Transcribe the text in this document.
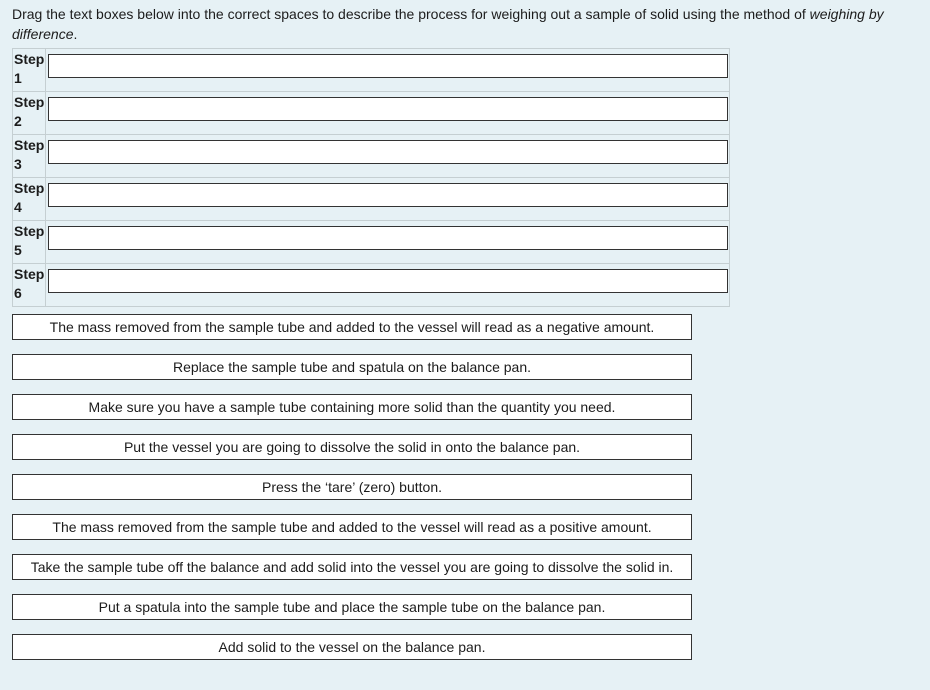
Drag the text boxes below into the correct spaces to describe the process for weighing out a sample of solid using the method of weighing by difference.

Step
1	

Step
2	

Step
3	

Step
4	

Step
5	

Step
6	
The mass removed from the sample tube and added to the vessel will read as a negative amount.
Replace the sample tube and spatula on the balance pan.
Make sure you have a sample tube containing more solid than the quantity you need.
Put the vessel you are going to dissolve the solid in onto the balance pan.
Press the ‘tare’ (zero) button.
The mass removed from the sample tube and added to the vessel will read as a positive amount.
Take the sample tube off the balance and add solid into the vessel you are going to dissolve the solid in.
Put a spatula into the sample tube and place the sample tube on the balance pan.
Add solid to the vessel on the balance pan.
